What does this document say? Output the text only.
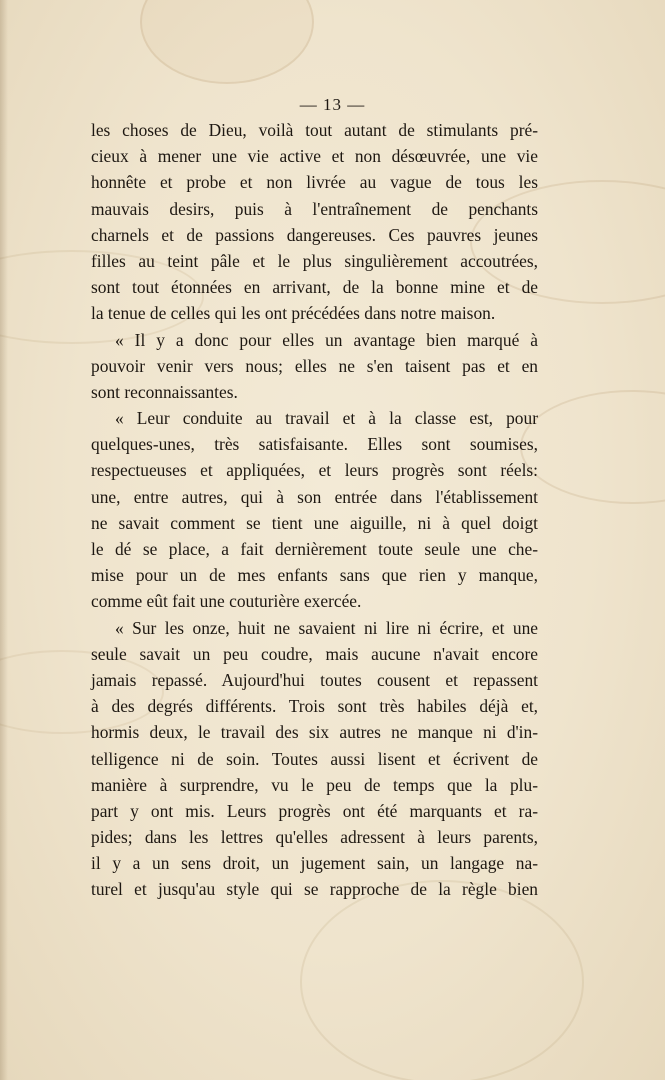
— 13 —
les choses de Dieu, voilà tout autant de stimulants pré-
cieux à mener une vie active et non désœuvrée, une vie
honnête et probe et non livrée au vague de tous les
mauvais desirs, puis à l'entraînement de penchants
charnels et de passions dangereuses. Ces pauvres jeunes
filles au teint pâle et le plus singulièrement accoutrées,
sont tout étonnées en arrivant, de la bonne mine et de
la tenue de celles qui les ont précédées dans notre maison.
« Il y a donc pour elles un avantage bien marqué à
pouvoir venir vers nous; elles ne s'en taisent pas et en
sont reconnaissantes.
« Leur conduite au travail et à la classe est, pour
quelques-unes, très satisfaisante. Elles sont soumises,
respectueuses et appliquées, et leurs progrès sont réels:
une, entre autres, qui à son entrée dans l'établissement
ne savait comment se tient une aiguille, ni à quel doigt
le dé se place, a fait dernièrement toute seule une che-
mise pour un de mes enfants sans que rien y manque,
comme eût fait une couturière exercée.
« Sur les onze, huit ne savaient ni lire ni écrire, et une
seule savait un peu coudre, mais aucune n'avait encore
jamais repassé. Aujourd'hui toutes cousent et repassent
à des degrés différents. Trois sont très habiles déjà et,
hormis deux, le travail des six autres ne manque ni d'in-
telligence ni de soin. Toutes aussi lisent et écrivent de
manière à surprendre, vu le peu de temps que la plu-
part y ont mis. Leurs progrès ont été marquants et ra-
pides; dans les lettres qu'elles adressent à leurs parents,
il y a un sens droit, un jugement sain, un langage na-
turel et jusqu'au style qui se rapproche de la règle bien
